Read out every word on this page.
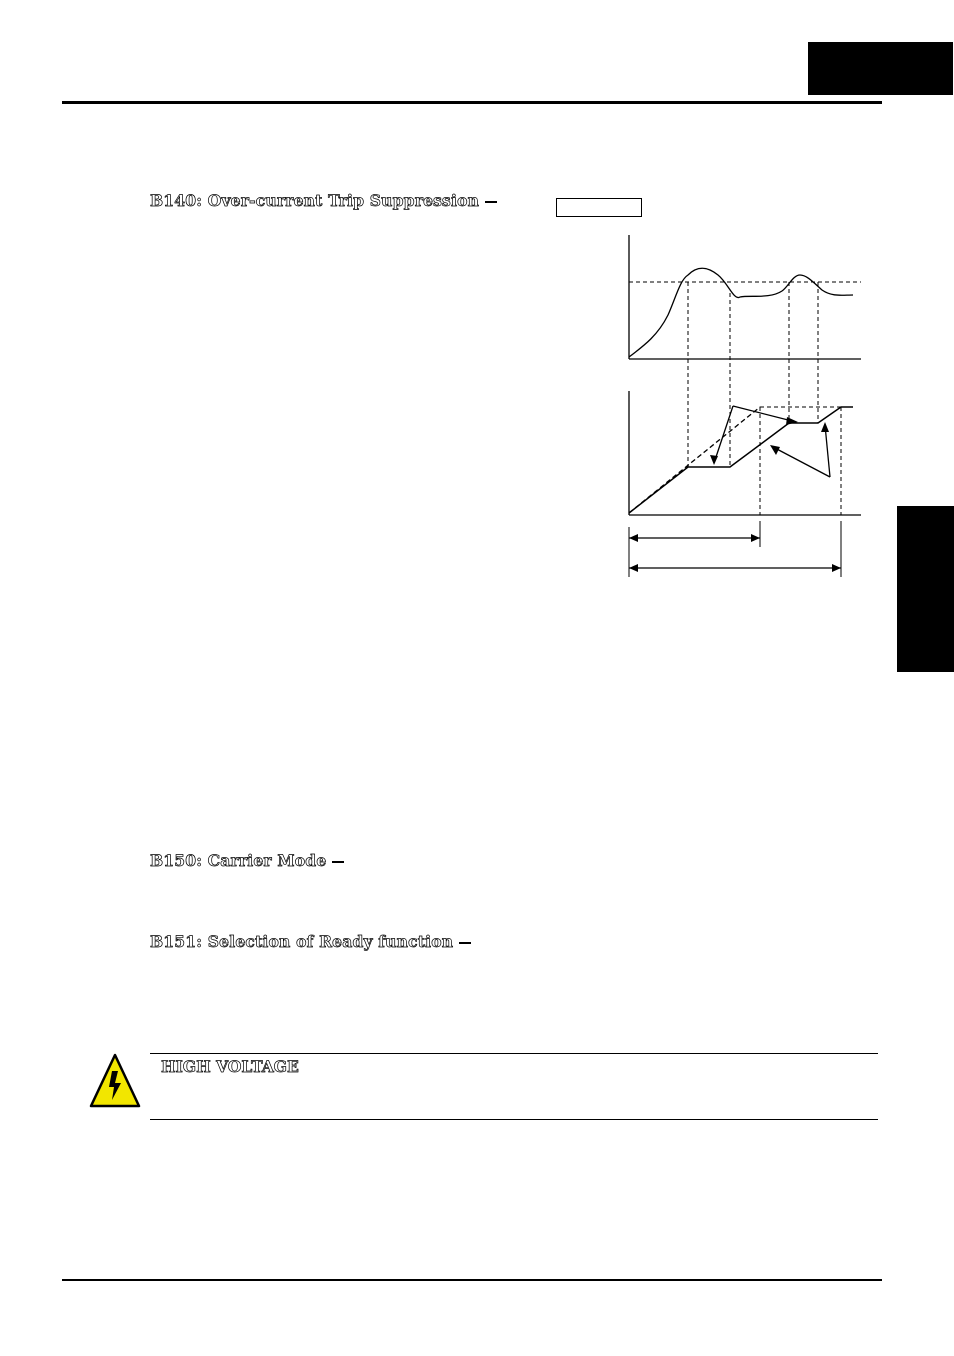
B140: Over-current Trip Suppression
B150: Carrier Mode
B151: Selection of Ready function
HIGH VOLTAGE
